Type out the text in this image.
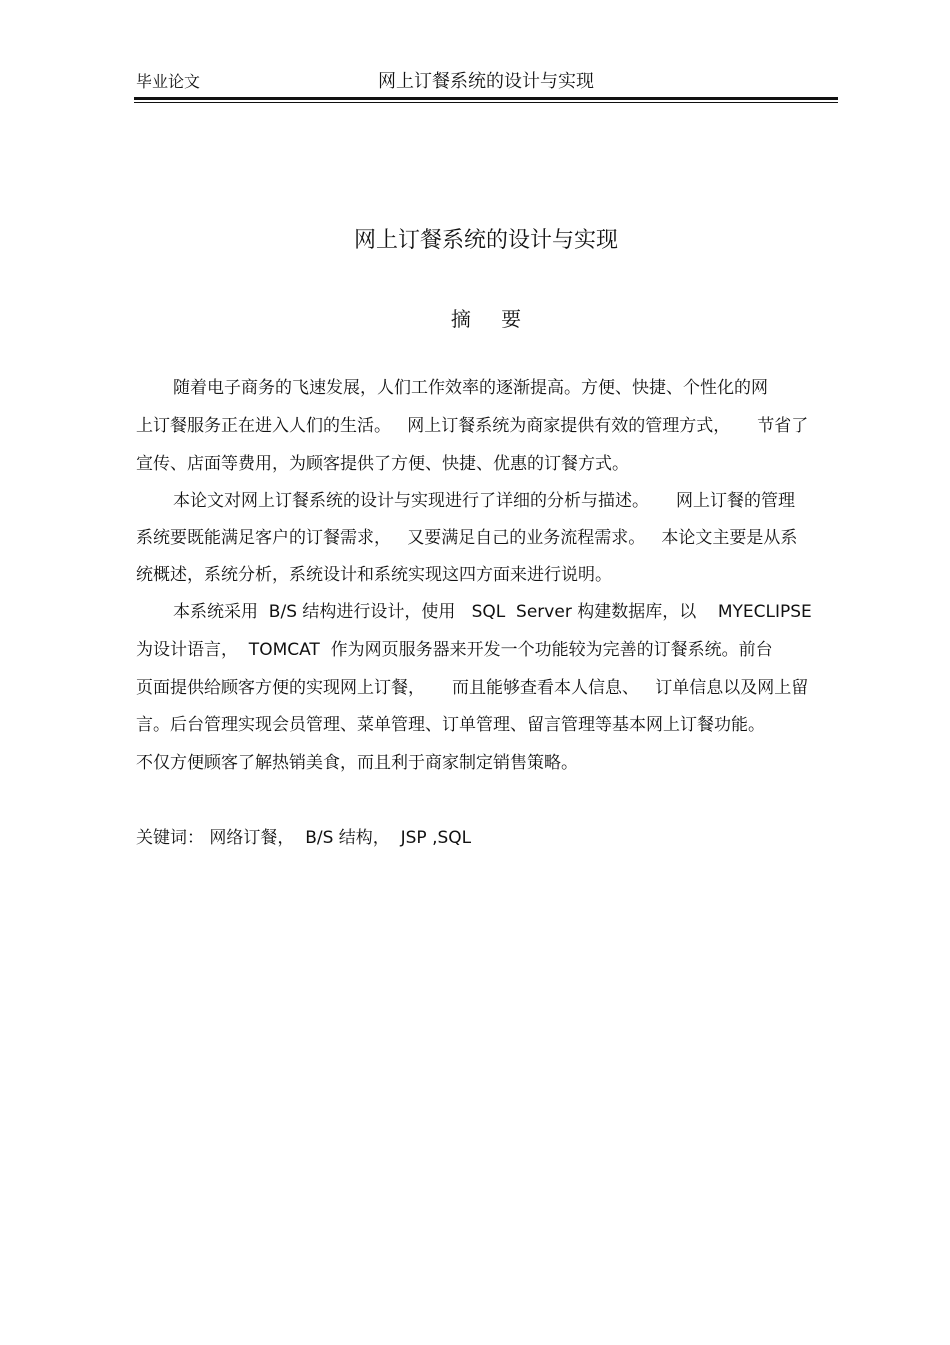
毕业论文	网上订餐系统的设计与实现
网上订餐系统的设计与实现
摘 要
随着电子商务的飞速发展，人们工作效率的逐渐提高。方便、快捷、个性化的网
上订餐服务正在进入人们的生活。   网上订餐系统为商家提供有效的管理方式，     节省了
宣传、店面等费用，为顾客提供了方便、快捷、优惠的订餐方式。
本论文对网上订餐系统的设计与实现进行了详细的分析与描述。     网上订餐的管理
系统要既能满足客户的订餐需求，   又要满足自己的业务流程需求。   本论文主要是从系
统概述，系统分析，系统设计和系统实现这四方面来进行说明。
本系统采用  B/S 结构进行设计，使用   SQL  Server 构建数据库，以    MYECLIPSE
为设计语言，  TOMCAT  作为网页服务器来开发一个功能较为完善的订餐系统。前台
页面提供给顾客方便的实现网上订餐，     而且能够查看本人信息、   订单信息以及网上留
言。后台管理实现会员管理、菜单管理、订单管理、留言管理等基本网上订餐功能。
不仅方便顾客了解热销美食，而且利于商家制定销售策略。
关键词： 网络订餐，  B/S 结构，  JSP ,SQL
